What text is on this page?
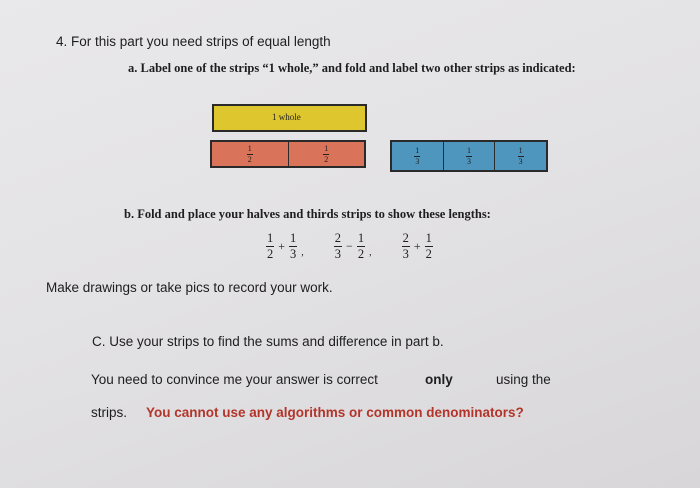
4. For this part you need strips of equal length
a. Label one of the strips “1 whole,” and fold and label two other strips as indicated:
1 whole
$\frac{1}{2}$	$\frac{1}{2}$	$\frac{1}{3}$	$\frac{1}{3}$	$\frac{1}{3}$
b. Fold and place your halves and thirds strips to show these lengths:
$\frac{1}{2} + \frac{1}{3}$ , $\frac{2}{3} - \frac{1}{2}$ , $\frac{2}{3} + \frac{1}{2}$
Make drawings or take pics to record your work.
C. Use your strips to find the sums and difference in part b.
You need to convince me your answer is correct	only	using the
strips. You cannot use any algorithms or common denominators?
